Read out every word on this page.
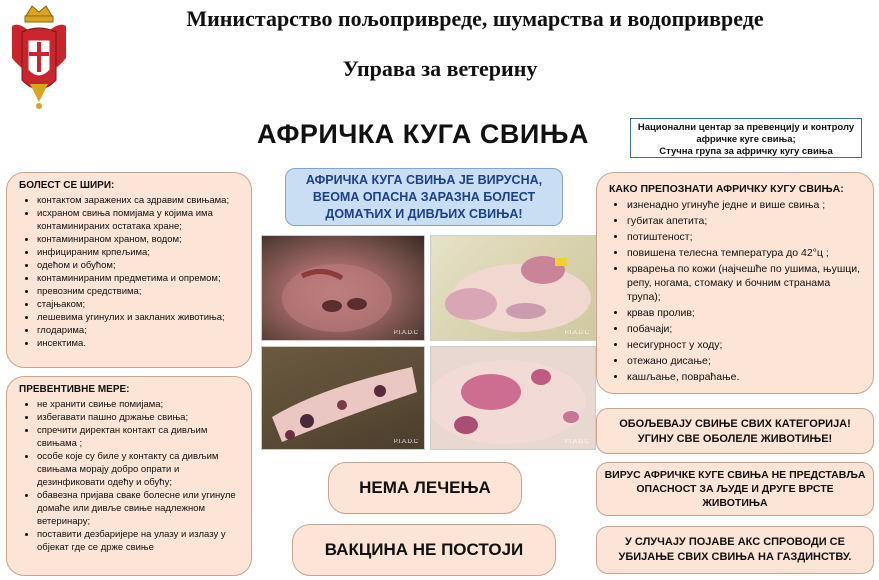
Министарство пољопривреде, шумарства и водопривреде
Управа за ветерину
АФРИЧКА КУГА СВИЊА	Национални центар за превенцију и контролу
афричке куге свиња;
Стучна група за афричку кугу свиња
АФРИЧКА КУГА СВИЊА ЈЕ ВИРУСНА,
ВЕОМА ОПАСНА ЗАРАЗНА БОЛЕСТ
ДОМАЋИХ И ДИВЉИХ СВИЊА!
БОЛЕСТ СЕ ШИРИ:
• контактом заражених са здравим свињама;
• исхраном свиња помијама у којима има контаминираних остатака хране;
• контаминираном храном, водом;
• инфицираним крпељима;
• одећом и обућом;
• контаминираним предметима и опремом;
• превозним средствима;
• стајњаком;
• лешевима угинулих и закланих животиња;
• глодарима;
• инсектима.
ПРЕВЕНТИВНЕ МЕРЕ:
• не хранити свиње помијама;
• избегавати пашно држање свиња;
• спречити директан контакт са дивљим свињама ;
• особе које су биле у контакту са дивљим свињама морају добро опрати и дезинфиковати одећу и обућу;
• обавезна пријава сваке болесне или угинуле домаће или дивље свиње надлежном ветеринару;
• поставити дезбаријере на улазу и излазу у објекат где се држе свиње
P.I.A.D.C	P.I.A.D.C
P.I.A.D.C	P.I.A.D.C
НЕМА ЛЕЧЕЊА
ВАКЦИНА НЕ ПОСТОЈИ
КАКО ПРЕПОЗНАТИ АФРИЧКУ КУГУ СВИЊА:
• изненадно угинуће једне и више свиња ;
• губитак апетита;
• потиштеност;
• повишена телесна температура до 42°ц ;
• крварења по кожи (најчешће по ушима, њушци, репу, ногама, стомаку и бочним странама трупа);
• крвав пролив;
• побачаји;
• несигурност у ходу;
• отежано дисање;
• кашљање, повраћање.
ОБОЉЕВАЈУ СВИЊЕ СВИХ КАТЕГОРИЈА!
УГИНУ СВЕ ОБОЛЕЛЕ ЖИВОТИЊЕ!
ВИРУС АФРИЧКЕ КУГЕ СВИЊА НЕ ПРЕДСТАВЉА
ОПАСНОСТ ЗА ЉУДЕ И ДРУГЕ ВРСТЕ
ЖИВОТИЊА
У СЛУЧАЈУ ПОЈАВЕ АКС СПРОВОДИ СЕ
УБИЈАЊЕ СВИХ СВИЊА НА ГАЗДИНСТВУ.
